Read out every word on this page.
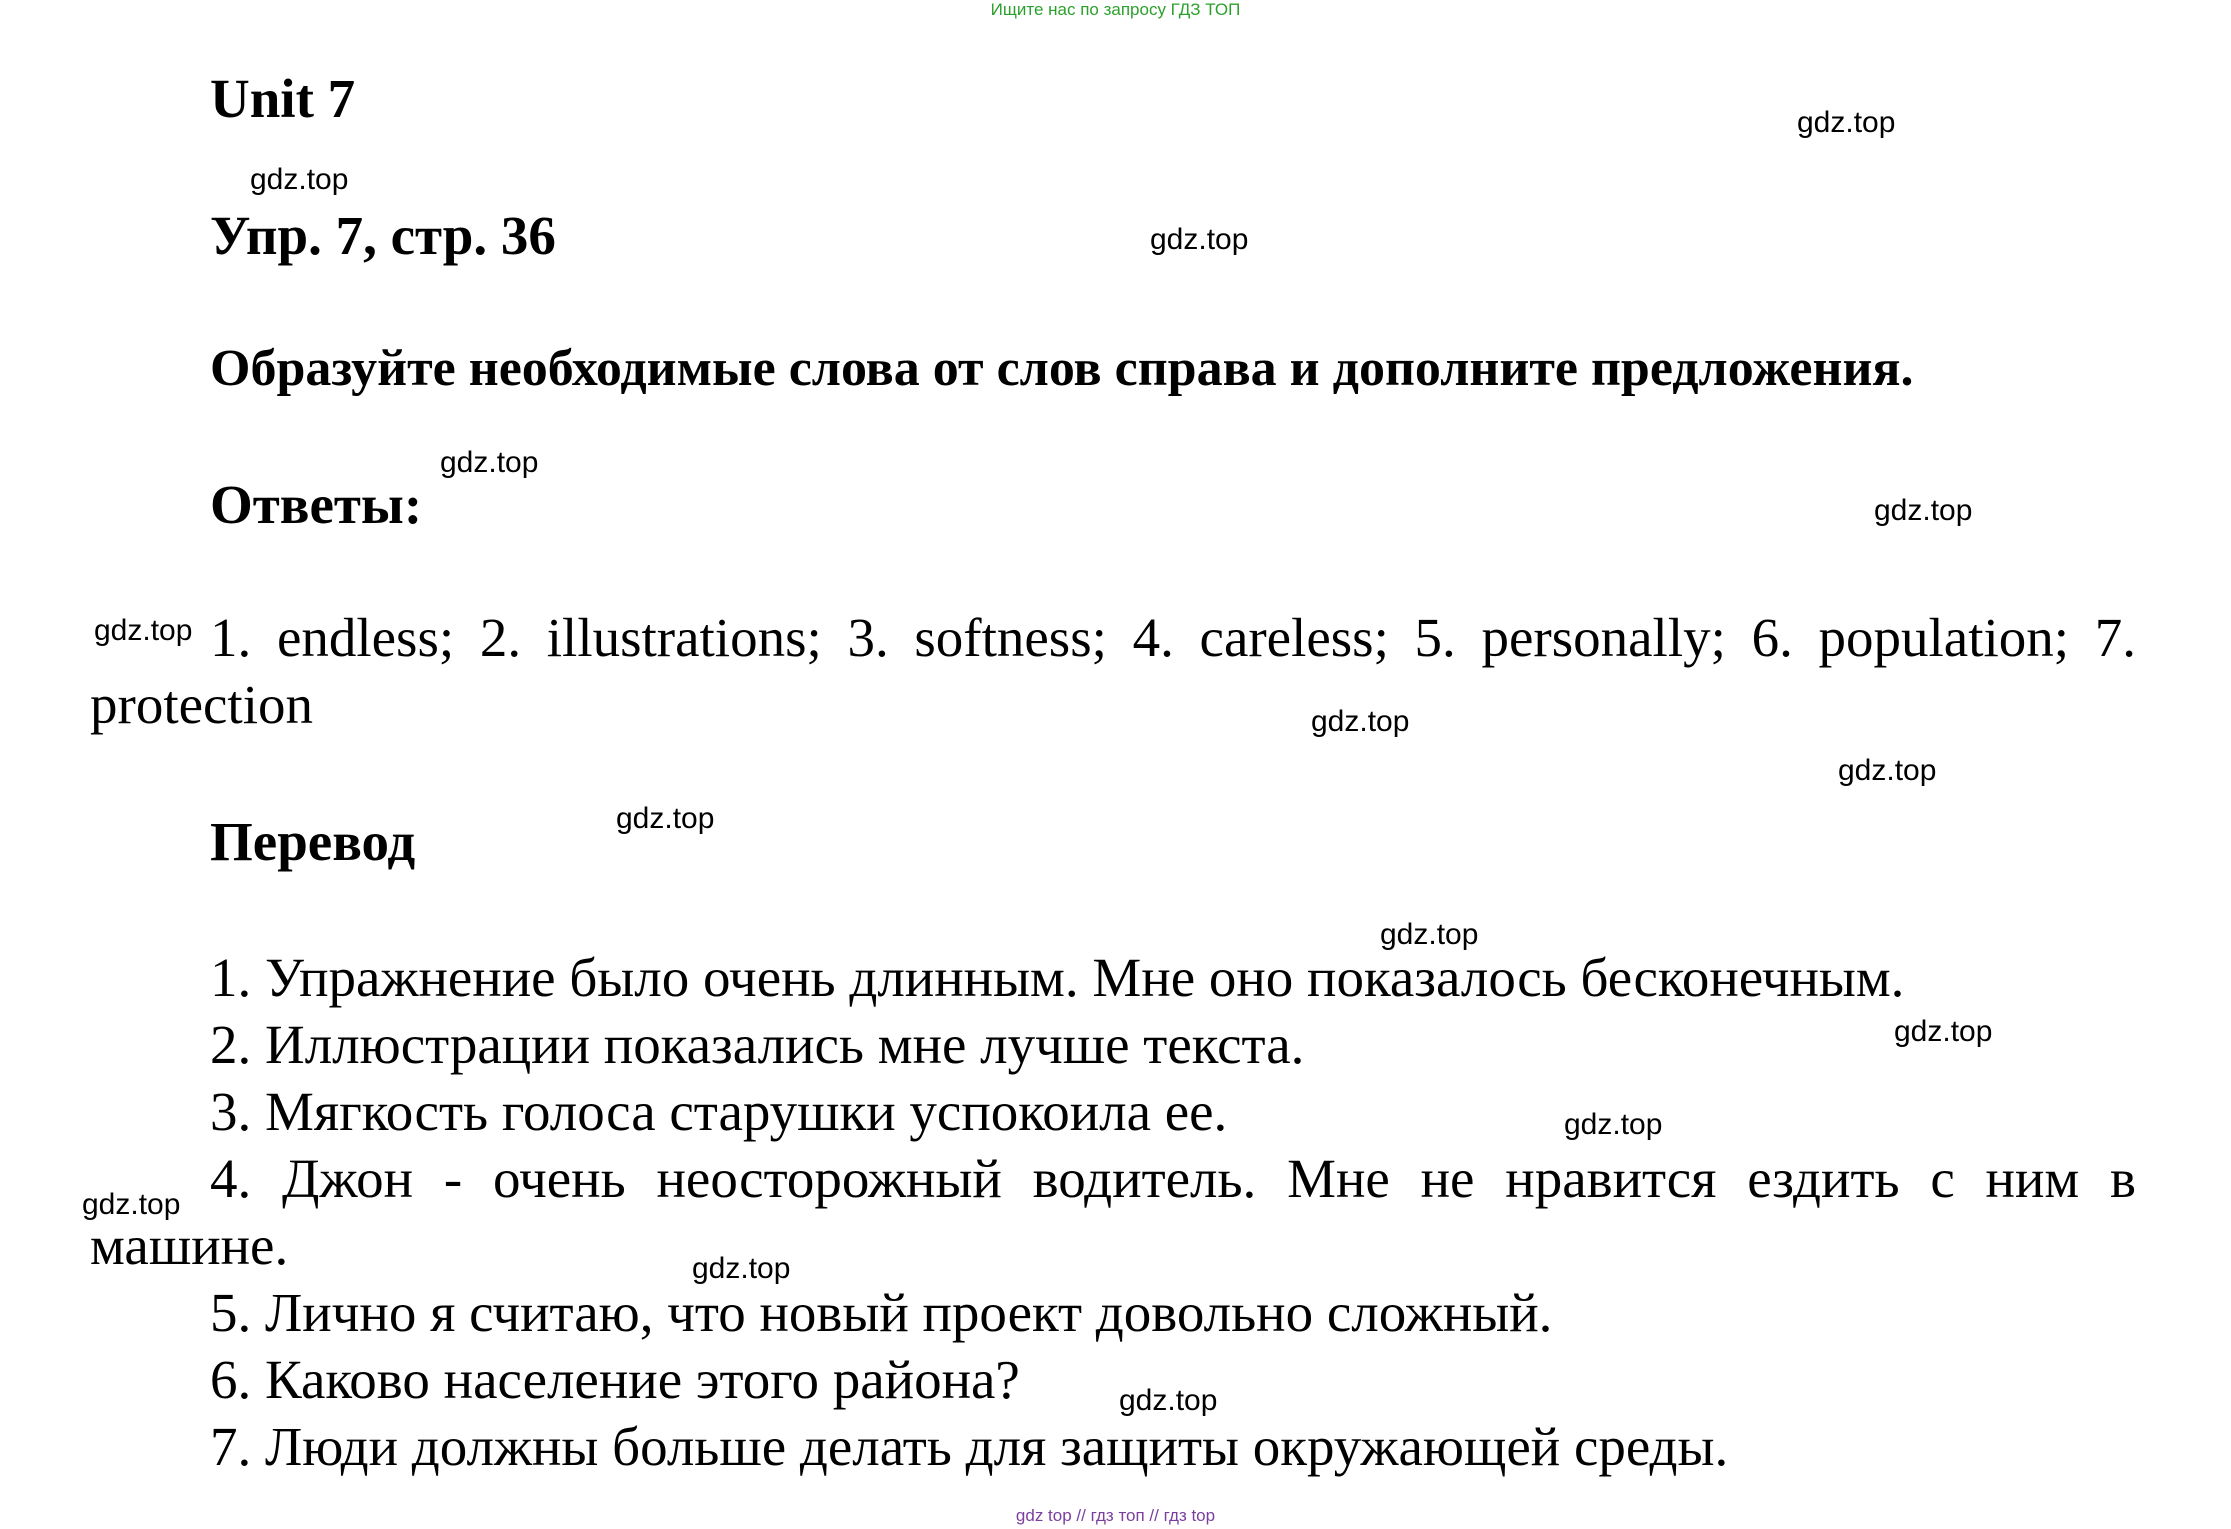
Ищите нас по запросу ГДЗ ТОП
Unit 7
Упр. 7, стр. 36

Образуйте необходимые слова от слов справа и дополните предложения.

Ответы:

1. endless; 2. illustrations; 3. softness; 4. careless; 5. personally; 6. population; 7. protection

Перевод

1. Упражнение было очень длинным. Мне оно показалось бесконечным.

2. Иллюстрации показались мне лучше текста.

3. Мягкость голоса старушки успокоила ее.

4. Джон - очень неосторожный водитель. Мне не нравится ездить с ним в машине.

5. Лично я считаю, что новый проект довольно сложный.

6. Каково население этого района?

7. Люди должны больше делать для защиты окружающей среды.

gdz.top
gdz.top
gdz.top
gdz.top
gdz.top
gdz.top
gdz.top
gdz.top
gdz.top
gdz.top
gdz.top
gdz.top
gdz.top
gdz.top
gdz.top
gdz top // гдз топ // гдз top
